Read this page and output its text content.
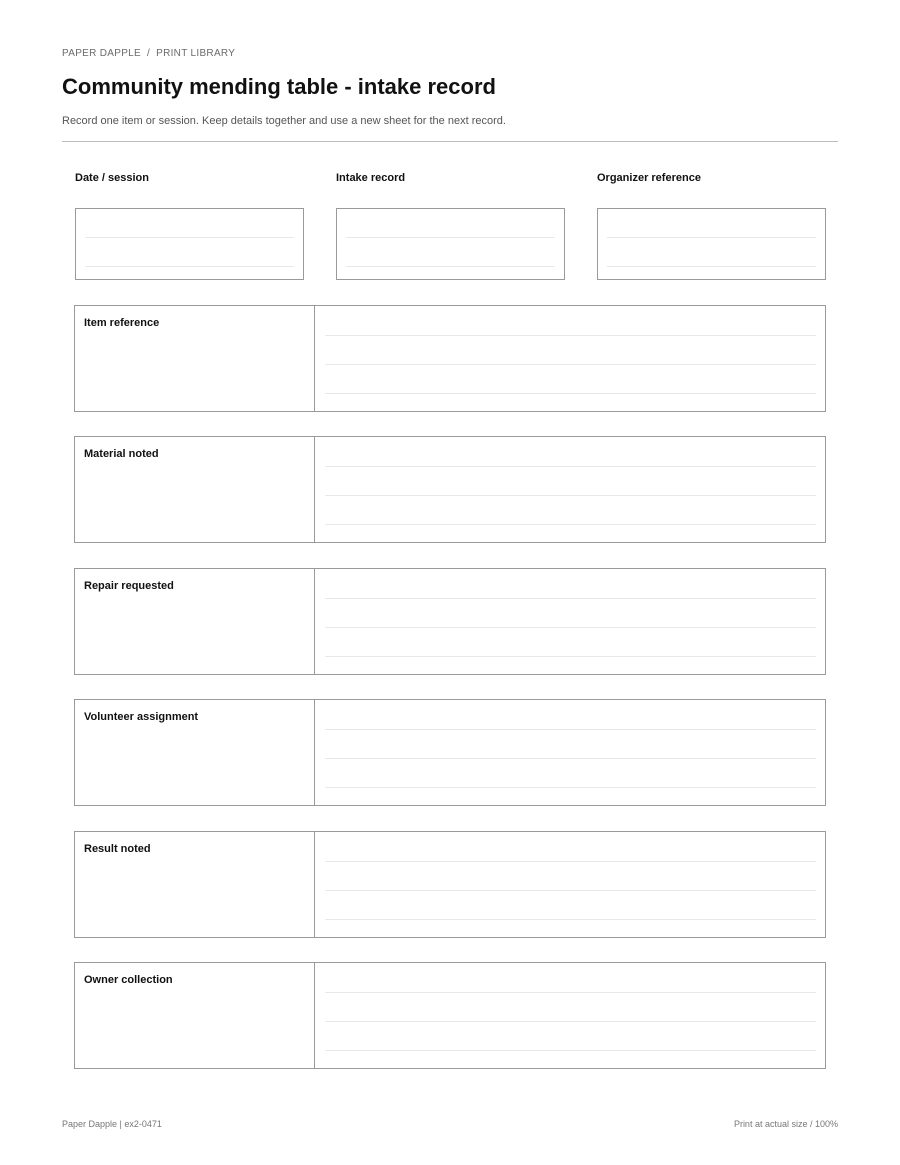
PAPER DAPPLE / PRINT LIBRARY
Community mending table - intake record
Record one item or session. Keep details together and use a new sheet for the next record.
Date / session	Intake record	Organizer reference
Item reference
Material noted
Repair requested
Volunteer assignment
Result noted
Owner collection
Paper Dapple | ex2-0471	Print at actual size / 100%
